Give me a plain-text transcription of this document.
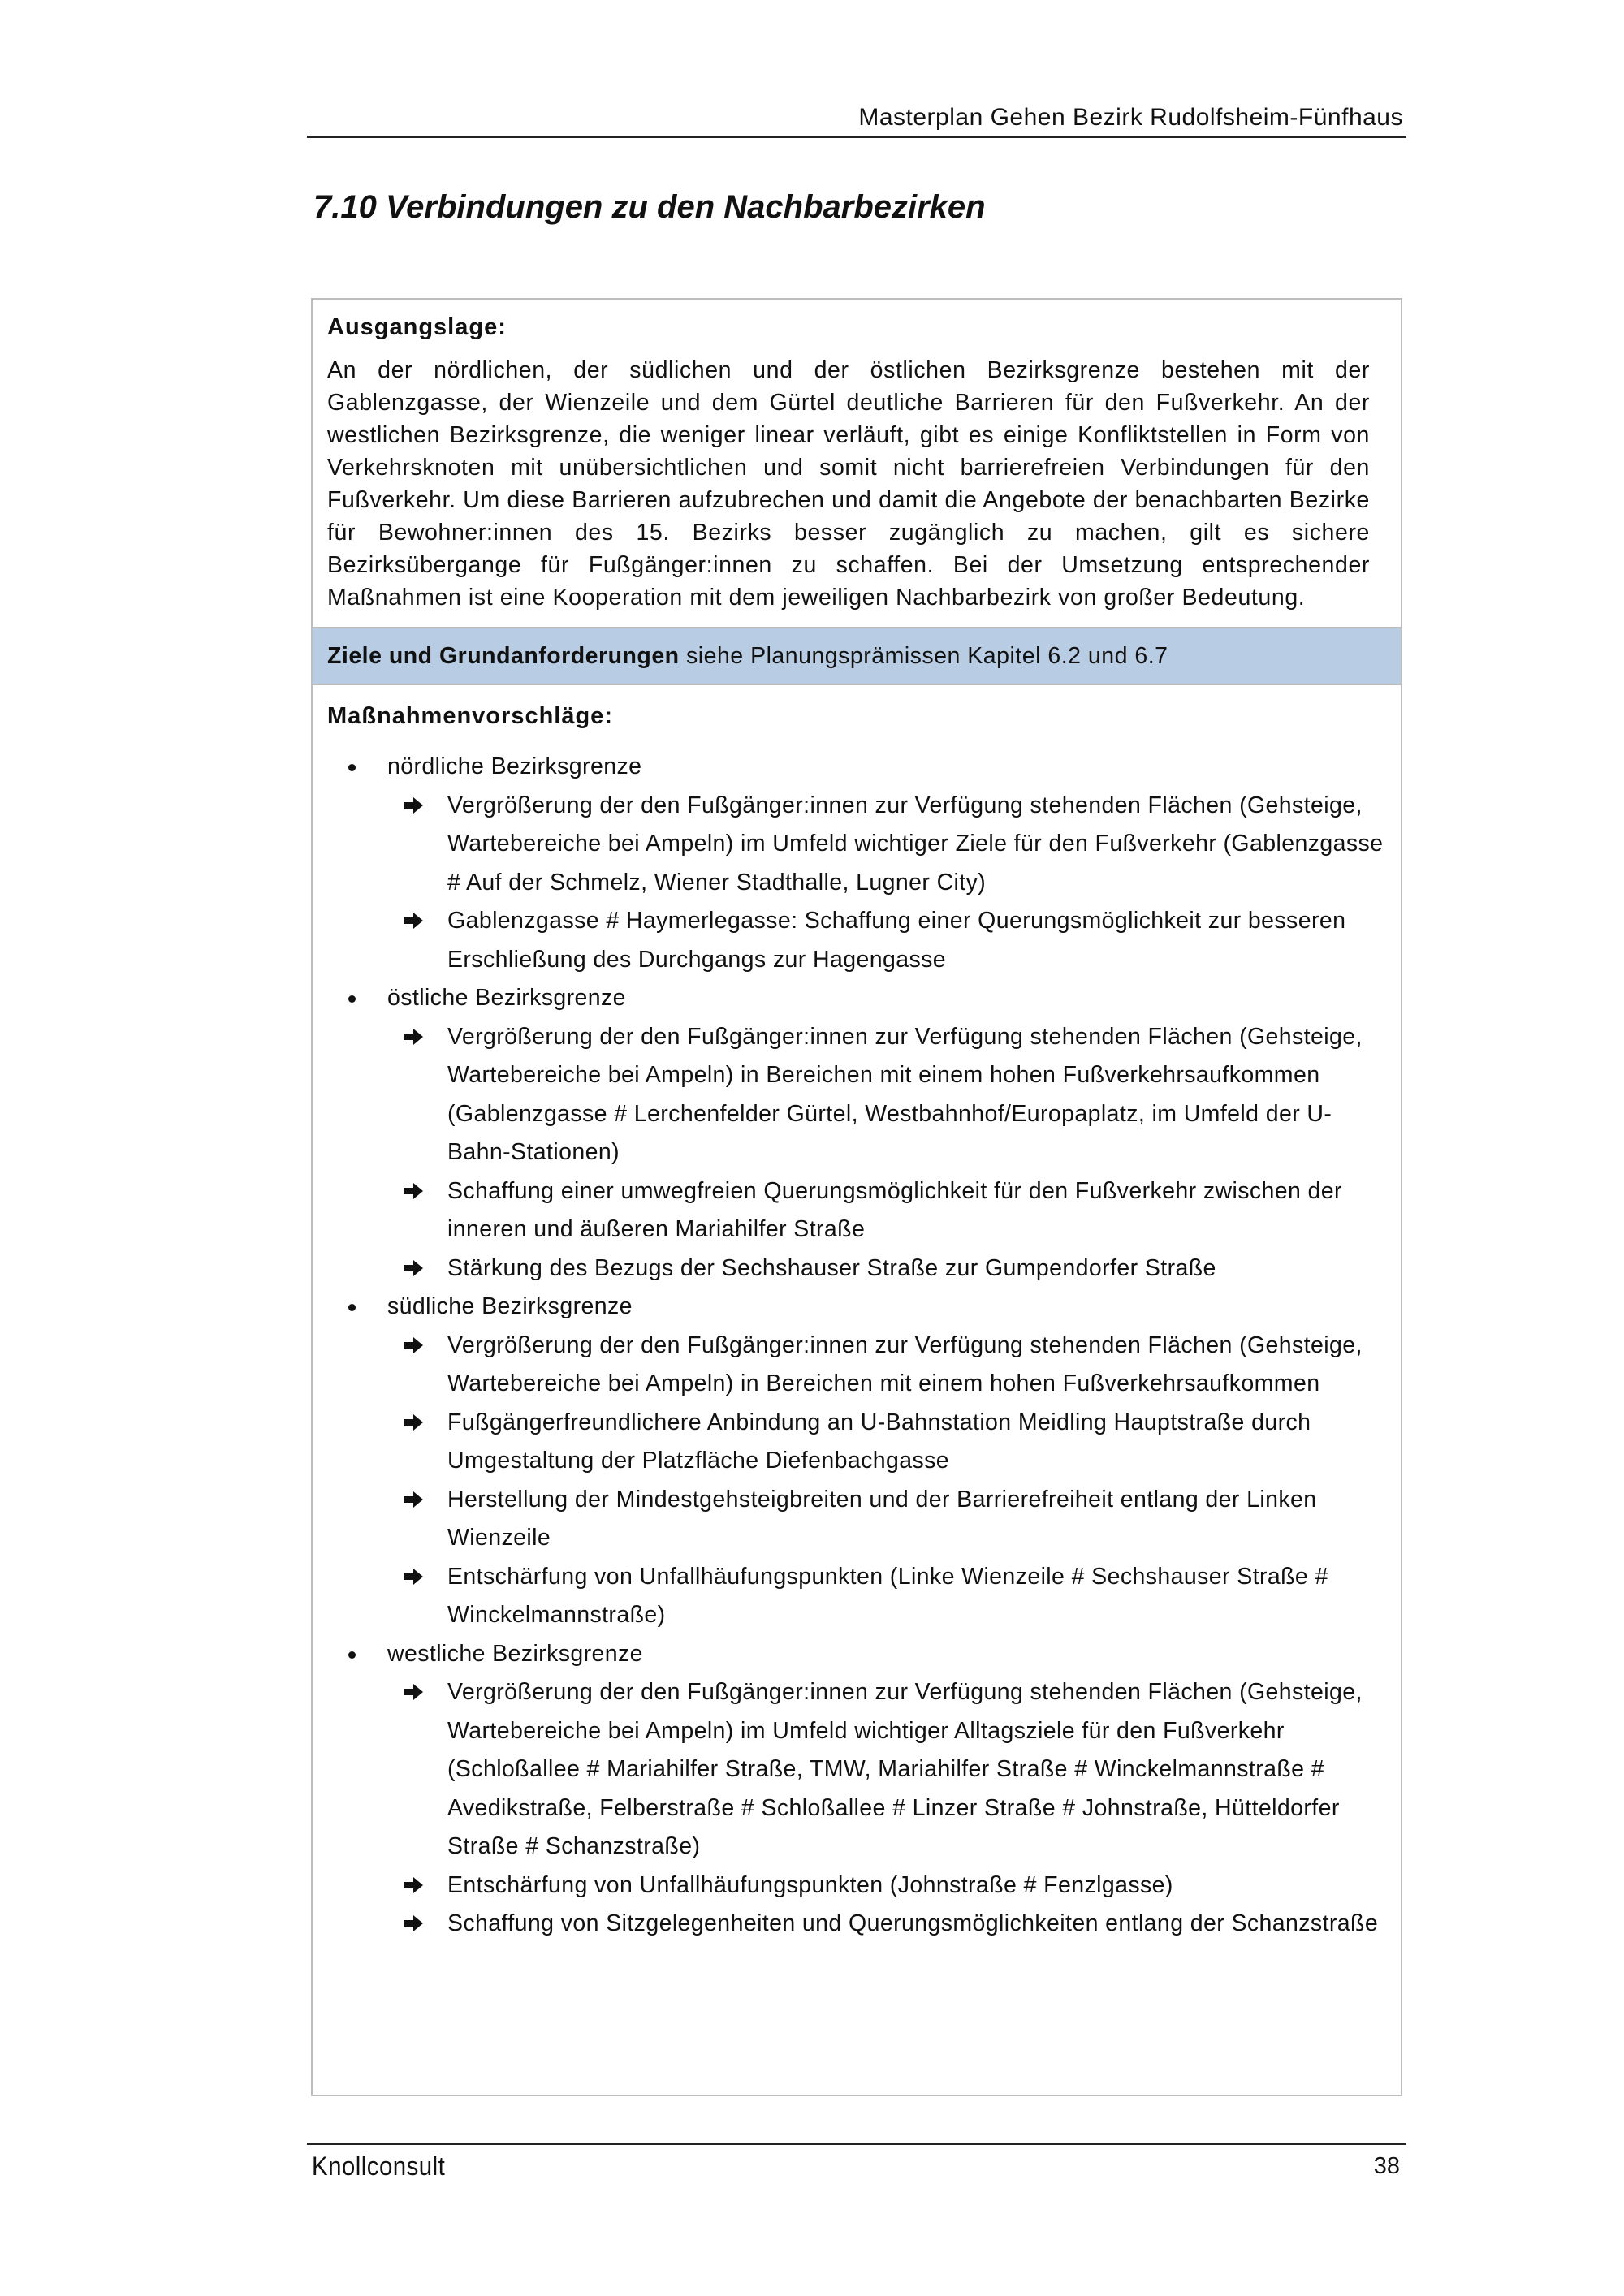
Masterplan Gehen Bezirk Rudolfsheim-Fünfhaus
7.10 Verbindungen zu den Nachbarbezirken
Ausgangslage:

An der nördlichen, der südlichen und der östlichen Bezirksgrenze bestehen mit der Gablenzgasse, der Wienzeile und dem Gürtel deutliche Barrieren für den Fußverkehr. An der westlichen Bezirksgrenze, die weniger linear verläuft, gibt es einige Konfliktstellen in Form von Verkehrsknoten mit unübersichtlichen und somit nicht barrierefreien Verbindungen für den Fußverkehr. Um diese Barrieren aufzubrechen und damit die Angebote der benachbarten Bezirke für Bewohner:innen des 15. Bezirks besser zugänglich zu machen, gilt es sichere Bezirksübergange für Fußgänger:innen zu schaffen. Bei der Umsetzung entsprechender Maßnahmen ist eine Kooperation mit dem jeweiligen Nachbarbezirk von großer Bedeutung.

Ziele und Grundanforderungen siehe Planungsprämissen Kapitel 6.2 und 6.7
Maßnahmenvorschläge:
nördliche Bezirksgrenze
Vergrößerung der den Fußgänger:innen zur Verfügung stehenden Flächen (Gehsteige, Wartebereiche bei Ampeln) im Umfeld wichtiger Ziele für den Fußverkehr (Gablenzgasse # Auf der Schmelz, Wiener Stadthalle, Lugner City)
Gablenzgasse # Haymerlegasse: Schaffung einer Querungsmöglichkeit zur besseren Erschließung des Durchgangs zur Hagengasse
östliche Bezirksgrenze
Vergrößerung der den Fußgänger:innen zur Verfügung stehenden Flächen (Gehsteige, Wartebereiche bei Ampeln) in Bereichen mit einem hohen Fußverkehrsaufkommen (Gablenzgasse # Lerchenfelder Gürtel, Westbahnhof/Europaplatz, im Umfeld der U-Bahn-Stationen)
Schaffung einer umwegfreien Querungsmöglichkeit für den Fußverkehr zwischen der inneren und äußeren Mariahilfer Straße
Stärkung des Bezugs der Sechshauser Straße zur Gumpendorfer Straße
südliche Bezirksgrenze
Vergrößerung der den Fußgänger:innen zur Verfügung stehenden Flächen (Gehsteige, Wartebereiche bei Ampeln) in Bereichen mit einem hohen Fußverkehrsaufkommen
Fußgängerfreundlichere Anbindung an U-Bahnstation Meidling Hauptstraße durch Umgestaltung der Platzfläche Diefenbachgasse
Herstellung der Mindestgehsteigbreiten und der Barrierefreiheit entlang der Linken Wienzeile
Entschärfung von Unfallhäufungspunkten (Linke Wienzeile # Sechshauser Straße # Winckelmannstraße)
westliche Bezirksgrenze
Vergrößerung der den Fußgänger:innen zur Verfügung stehenden Flächen (Gehsteige, Wartebereiche bei Ampeln) im Umfeld wichtiger Alltagsziele für den Fußverkehr (Schloßallee # Mariahilfer Straße, TMW, Mariahilfer Straße # Winckelmannstraße # Avedikstraße, Felberstraße # Schloßallee # Linzer Straße # Johnstraße, Hütteldorfer Straße # Schanzstraße)
Entschärfung von Unfallhäufungspunkten (Johnstraße # Fenzlgasse)
Schaffung von Sitzgelegenheiten und Querungsmöglichkeiten entlang der Schanzstraße
Knollconsult	38
